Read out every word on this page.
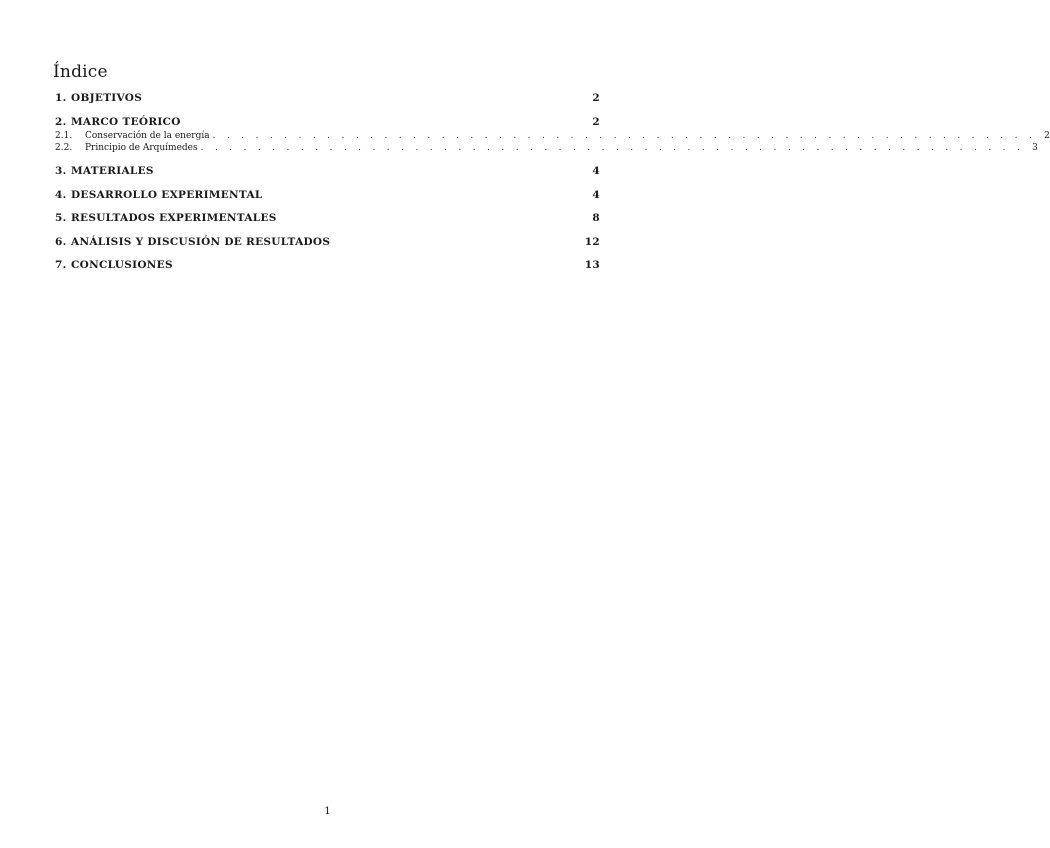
Índice
1. OBJETIVOS	2
2. MARCO TEÓRICO	2
2.1.	Conservación de la energía . . . . . . . . . . . . . . . . . . . . . . . . . . . . . . . . . . . . . . . . . . . . . . . . . . . . . . . . . . 2
2.2.	Principio de Arquímedes . . . . . . . . . . . . . . . . . . . . . . . . . . . . . . . . . . . . . . . . . . . . . . . . . . . . . . . . . . 3
3. MATERIALES	4
4. DESARROLLO EXPERIMENTAL	4
5. RESULTADOS EXPERIMENTALES	8
6. ANÁLISIS Y DISCUSIÓN DE RESULTADOS	12
7. CONCLUSIONES	13
1
